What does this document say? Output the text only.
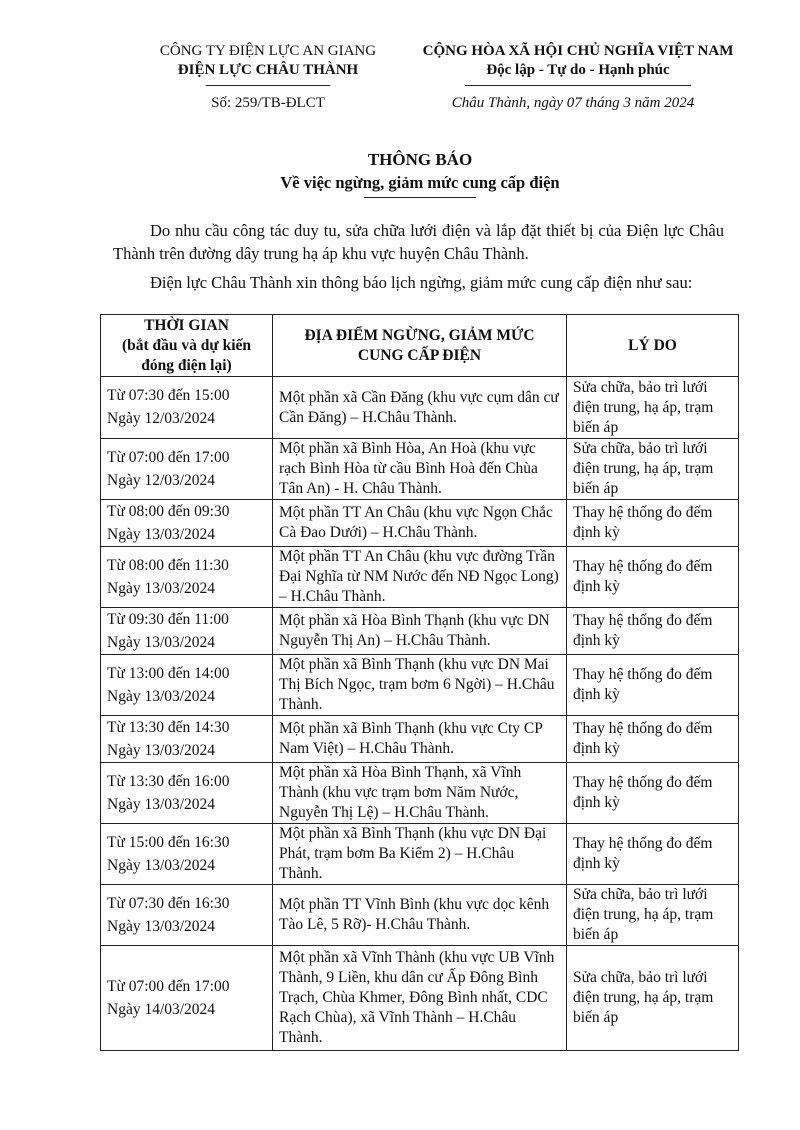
CÔNG TY ĐIỆN LỰC AN GIANG
ĐIỆN LỰC CHÂU THÀNH
Số: 259/TB-ĐLCT
CỘNG HÒA XÃ HỘI CHỦ NGHĨA VIỆT NAM
Độc lập - Tự do - Hạnh phúc
Châu Thành, ngày 07 tháng 3 năm 2024
THÔNG BÁO
Về việc ngừng, giảm mức cung cấp điện
Do nhu cầu công tác duy tu, sửa chữa lưới điện và lắp đặt thiết bị của Điện lực Châu Thành trên đường dây trung hạ áp khu vực huyện Châu Thành.
Điện lực Châu Thành xin thông báo lịch ngừng, giảm mức cung cấp điện như sau:
THỜI GIAN
(bắt đầu và dự kiến đóng điện lại)	ĐỊA ĐIỂM NGỪNG, GIẢM MỨC CUNG CẤP ĐIỆN	LÝ DO

Từ 07:30 đến 15:00
Ngày 12/03/2024	Một phần xã Cần Đăng (khu vực cụm dân cư Cần Đăng) – H.Châu Thành.	Sửa chữa, bảo trì lưới điện trung, hạ áp, trạm biến áp

Từ 07:00 đến 17:00
Ngày 12/03/2024	Một phần xã Bình Hòa, An Hoà (khu vực rạch Bình Hòa từ cầu Bình Hoà đến Chùa Tân An) - H. Châu Thành.	Sửa chữa, bảo trì lưới điện trung, hạ áp, trạm biến áp

Từ 08:00 đến 09:30
Ngày 13/03/2024	Một phần TT An Châu (khu vực Ngọn Chắc Cà Đao Dưới) – H.Châu Thành.	Thay hệ thống đo đếm định kỳ

Từ 08:00 đến 11:30
Ngày 13/03/2024	Một phần TT An Châu (khu vực đường Trần Đại Nghĩa từ NM Nước đến NĐ Ngọc Long) – H.Châu Thành.	Thay hệ thống đo đếm định kỳ

Từ 09:30 đến 11:00
Ngày 13/03/2024	Một phần xã Hòa Bình Thạnh (khu vực DN Nguyễn Thị An) – H.Châu Thành.	Thay hệ thống đo đếm định kỳ

Từ 13:00 đến 14:00
Ngày 13/03/2024	Một phần xã Bình Thạnh (khu vực DN Mai Thị Bích Ngọc, trạm bơm 6 Ngời) – H.Châu Thành.	Thay hệ thống đo đếm định kỳ

Từ 13:30 đến 14:30
Ngày 13/03/2024	Một phần xã Bình Thạnh (khu vực Cty CP Nam Việt) – H.Châu Thành.	Thay hệ thống đo đếm định kỳ

Từ 13:30 đến 16:00
Ngày 13/03/2024	Một phần xã Hòa Bình Thạnh, xã Vĩnh Thành (khu vực trạm bơm Năm Nước, Nguyễn Thị Lệ) – H.Châu Thành.	Thay hệ thống đo đếm định kỳ

Từ 15:00 đến 16:30
Ngày 13/03/2024	Một phần xã Bình Thạnh (khu vực DN Đại Phát, trạm bơm Ba Kiểm 2) – H.Châu Thành.	Thay hệ thống đo đếm định kỳ

Từ 07:30 đến 16:30
Ngày 13/03/2024	Một phần TT Vĩnh Bình (khu vực dọc kênh Tào Lê, 5 Rỡ)- H.Châu Thành.	Sửa chữa, bảo trì lưới điện trung, hạ áp, trạm biến áp

Từ 07:00 đến 17:00
Ngày 14/03/2024	Một phần xã Vĩnh Thành (khu vực UB Vĩnh Thành, 9 Liền, khu dân cư Ấp Đông Bình Trạch, Chùa Khmer, Đông Bình nhất, CDC Rạch Chùa), xã Vĩnh Thành – H.Châu Thành.	Sửa chữa, bảo trì lưới điện trung, hạ áp, trạm biến áp
